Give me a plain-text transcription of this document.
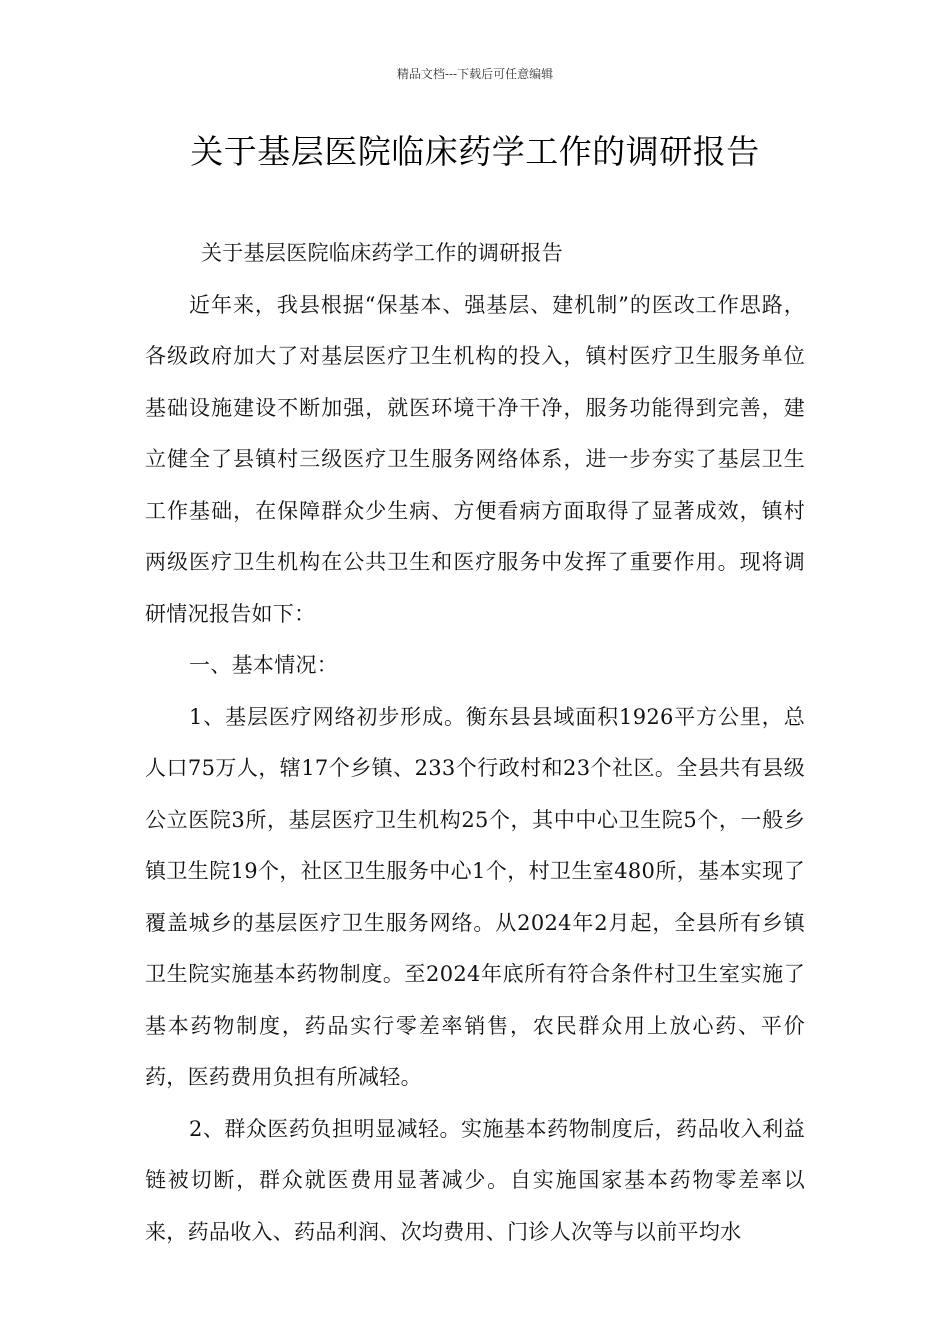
精品文档---下载后可任意编辑
关于基层医院临床药学工作的调研报告

关于基层医院临床药学工作的调研报告

近年来，我县根据“保基本、强基层、建机制”的医改工作思路，各级政府加大了对基层医疗卫生机构的投入，镇村医疗卫生服务单位基础设施建设不断加强，就医环境干净干净，服务功能得到完善，建立健全了县镇村三级医疗卫生服务网络体系，进一步夯实了基层卫生工作基础，在保障群众少生病、方便看病方面取得了显著成效，镇村两级医疗卫生机构在公共卫生和医疗服务中发挥了重要作用。现将调研情况报告如下：

一、基本情况：

1、基层医疗网络初步形成。衡东县县域面积1926平方公里，总人口75万人，辖17个乡镇、233个行政村和23个社区。全县共有县级公立医院3所，基层医疗卫生机构25个，其中中心卫生院5个，一般乡镇卫生院19个，社区卫生服务中心1个，村卫生室480所，基本实现了覆盖城乡的基层医疗卫生服务网络。从2024年2月起，全县所有乡镇卫生院实施基本药物制度。至2024年底所有符合条件村卫生室实施了基本药物制度，药品实行零差率销售，农民群众用上放心药、平价药，医药费用负担有所减轻。

2、群众医药负担明显减轻。实施基本药物制度后，药品收入利益链被切断，群众就医费用显著减少。自实施国家基本药物零差率以来，药品收入、药品利润、次均费用、门诊人次等与以前平均水
